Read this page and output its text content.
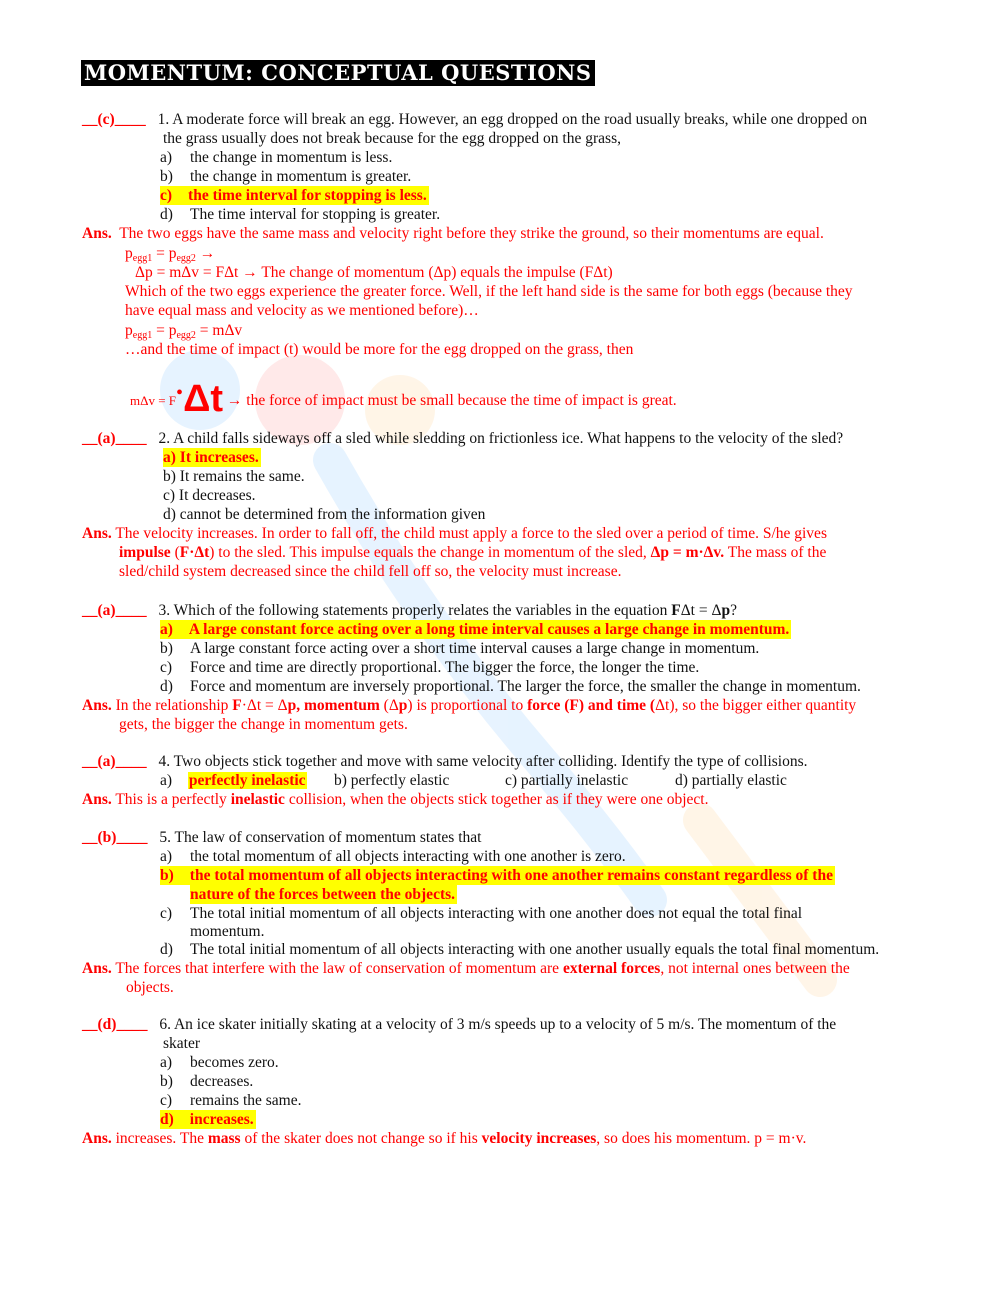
MOMENTUM: CONCEPTUAL QUESTIONS
__(c)____ 1. A moderate force will break an egg. However, an egg dropped on the road usually breaks, while one dropped on
the grass usually does not break because for the egg dropped on the grass,
a) the change in momentum is less.
b) the change in momentum is greater.
c) the time interval for stopping is less.
d) The time interval for stopping is greater.
Ans. The two eggs have the same mass and velocity right before they strike the ground, so their momentums are equal.
$p_{egg1} = p_{egg2}$ →
Δp = mΔv = FΔt → The change of momentum (Δp) equals the impulse (FΔt)
Which of the two eggs experience the greater force. Well, if the left hand side is the same for both eggs (because they
have equal mass and velocity as we mentioned before)…
$p_{egg1} = p_{egg2} = m\Delta v$
…and the time of impact (t) would be more for the egg dropped on the grass, then
mΔv = F•Δt → the force of impact must be small because the time of impact is great.
__(a)____ 2. A child falls sideways off a sled while sledding on frictionless ice. What happens to the velocity of the sled?
a) It increases.
b) It remains the same.
c) It decreases.
d) cannot be determined from the information given
Ans. The velocity increases. In order to fall off, the child must apply a force to the sled over a period of time. S/he gives
impulse (F·Δt) to the sled. This impulse equals the change in momentum of the sled, Δp = m·Δv. The mass of the
sled/child system decreased since the child fell off so, the velocity must increase.
__(a)____ 3. Which of the following statements properly relates the variables in the equation FΔt = Δp?
a) A large constant force acting over a long time interval causes a large change in momentum.
b) A large constant force acting over a short time interval causes a large change in momentum.
c) Force and time are directly proportional. The bigger the force, the longer the time.
d) Force and momentum are inversely proportional. The larger the force, the smaller the change in momentum.
Ans. In the relationship F·Δt = Δp, momentum (Δp) is proportional to force (F) and time (Δt), so the bigger either quantity
gets, the bigger the change in momentum gets.
__(a)____ 4. Two objects stick together and move with same velocity after colliding. Identify the type of collisions.
a) perfectly inelastic b) perfectly elastic	c) partially inelastic	d) partially elastic
Ans. This is a perfectly inelastic collision, when the objects stick together as if they were one object.
__(b)____ 5. The law of conservation of momentum states that
a) the total momentum of all objects interacting with one another is zero.
b) the total momentum of all objects interacting with one another remains constant regardless of the
nature of the forces between the objects.
c) The total initial momentum of all objects interacting with one another does not equal the total final
momentum.
d) The total initial momentum of all objects interacting with one another usually equals the total final momentum.
Ans. The forces that interfere with the law of conservation of momentum are external forces, not internal ones between the
objects.
__(d)____ 6. An ice skater initially skating at a velocity of 3 m/s speeds up to a velocity of 5 m/s. The momentum of the
skater
a) becomes zero.
b) decreases.
c) remains the same.
d) increases.
Ans. increases. The mass of the skater does not change so if his velocity increases, so does his momentum. p = m·v.
